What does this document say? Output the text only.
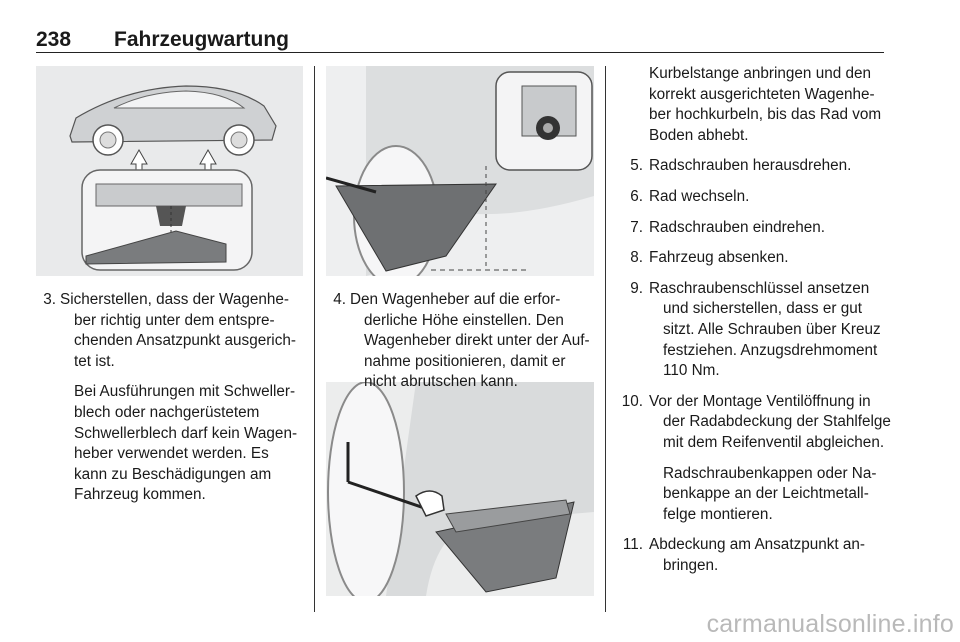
238 Fahrzeugwartung
3. Sicherstellen, dass der Wagenhe-
ber richtig unter dem entspre-
chenden Ansatzpunkt ausgerich-
tet ist.
Bei Ausführungen mit Schweller-
blech oder nachgerüstetem
Schwellerblech darf kein Wagen-
heber verwendet werden. Es
kann zu Beschädigungen am
Fahrzeug kommen.
4. Den Wagenheber auf die erfor-
derliche Höhe einstellen. Den
Wagenheber direkt unter der Auf-
nahme positionieren, damit er
nicht abrutschen kann.
Kurbelstange anbringen und den
korrekt ausgerichteten Wagenhe-
ber hochkurbeln, bis das Rad vom
Boden abhebt.
5. Radschrauben herausdrehen.
6. Rad wechseln.
7. Radschrauben eindrehen.
8. Fahrzeug absenken.
9. Raschraubenschlüssel ansetzen
und sicherstellen, dass er gut
sitzt. Alle Schrauben über Kreuz
festziehen. Anzugsdrehmoment
110 Nm.
10. Vor der Montage Ventilöffnung in
der Radabdeckung der Stahlfelge
mit dem Reifenventil abgleichen.
Radschraubenkappen oder Na-
benkappe an der Leichtmetall-
felge montieren.
11. Abdeckung am Ansatzpunkt an-
bringen.
carmanualsonline.info
